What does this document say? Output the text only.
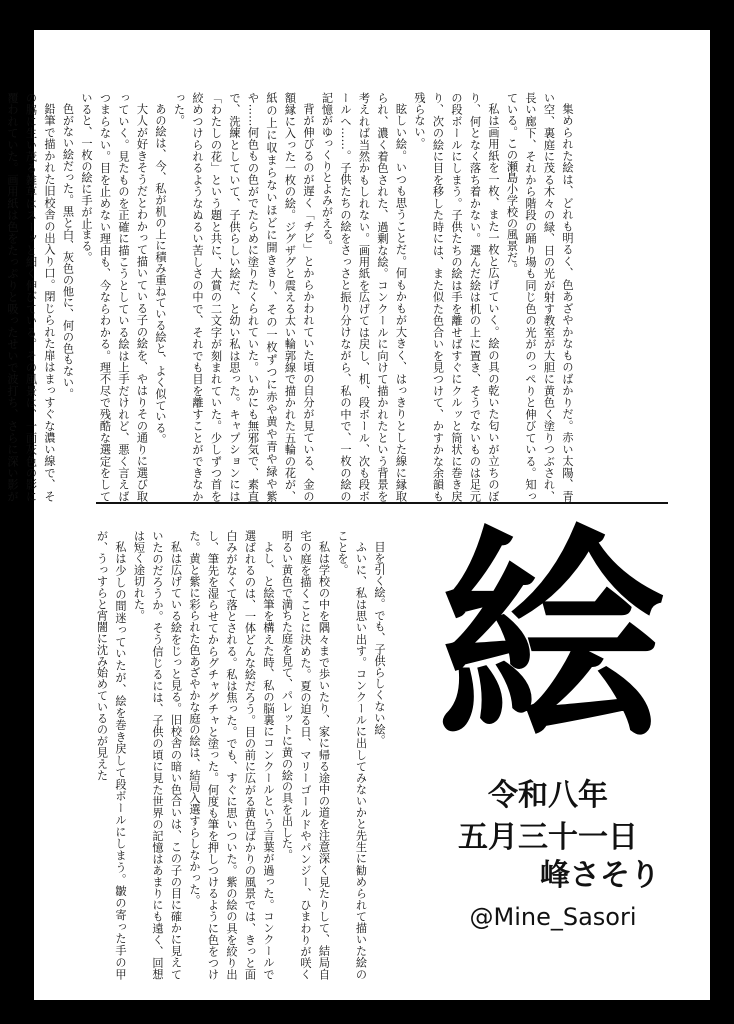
集められた絵は、どれも明るく、色あざやかなものばかりだ。赤い太陽、青い空、裏庭に茂る木々の緑、日の光が射す教室が大胆に黄色く塗りつぶされ、長い廊下、それから階段の踊り場も同じ色の光がのっぺりと伸びている。知っている。この瀬島小学校の風景だ。

私は画用紙を一枚、また一枚と広げていく。絵の具の乾いた匂いが立ちのぼり、何となく落ち着かない。選んだ絵は机の上に置き、そうでないものは足元の段ボールにしまう。子供たちの絵は手を離せばすぐにクルッと筒状に巻き戻り、次の絵に目を移した時には、また似た色合いを見つけて、かすかな余韻も残らない。

眩しい絵。いつも思うことだ。何もかもが大きく、はっきりとした線に縁取られ、濃く着色された、過剰な絵。コンクールに向けて描かれたという背景を考えれば当然かもしれない。画用紙を広げては戻し、机、段ボール、次も段ボールへ……。子供たちの絵をさっさと振り分けながら、私の中で、一枚の絵の記憶がゆっくりとよみがえる。

背が伸びるのが遅く「チビ」とからかわれていた頃の自分が見ている、金の額縁に入った一枚の絵。ジグザグと震える太い輪郭線で描かれた五輪の花が、紙の上に収まらないほどに開ききり、その一枚ずつに赤や黄や青や緑や紫や……何色もの色がでたらめに塗りたくられていた。いかにも無邪気で、素直で、洗練としていて、子供らしい絵だ、と幼い私は思った。キャプションには「わたしの花」という題と共に、大賞の二文字が刻まれていた。少しずつ首を絞めつけられるようなぬるい苦しさの中で、それでも目を離すことができなかった。

あの絵は、今、私が机の上に積み重ねている絵と、よく似ている。

大人が好きそうだとわかって描いている子の絵を、やはりその通りに選び取っていく。見たものを正確に描こうとしている絵は上手だけれど、悪く言えばつまらない。目を止めない理由も、今ならわかる。理不尽で残酷な選定をしていると、一枚の絵に手が止まる。

色がない絵だった。黒と白、灰色の他に、何の色もない。

鉛筆で描かれた旧校舎の出入り口。閉じられた扉はまっすぐな濃い線で、その脇に生い茂る雑草はスーッと細く伸びている。その風景は、一面灰色の影に覆われていた。画用紙は色をたっぷりと吸ったせいで波打ち、さらに深い影が

目を引く絵。でも、子供らしくない絵。

ふいに、私は思い出す。コンクールに出してみないかと先生に勧められて描いた絵のことを。

私は学校の中を隅々まで歩いたり、家に帰る途中の道を注意深く見たりして、結局自宅の庭を描くことに決めた。夏の迫る日、マリーゴールドやパンジー、ひまわりが咲く明るい黄色で満ちた庭を見て、パレットに黄の絵の具を出した。

よし、と絵筆を構えた時、私の脳裏にコンクールという言葉が過った。コンクールで選ばれるのは、一体どんな絵だろう。目の前に広がる黄色ばかりの風景では、きっと面白みがなくて落とされる。私は焦った。でも、すぐに思いついた。紫の絵の具を絞り出し、筆先を湿らせてからグチャグチャと塗った。何度も筆を押しつけるように色をつけた。黄と紫に彩られた色あざやかな庭の絵は、結局入選すらしなかった。

私は広げている絵をじっと見る。旧校舎の暗い色合いは、この子の目に確かに見えていたのだろうか。そう信じるには、子供の頃に見た世界の記憶はあまりにも遠く、回想は短く途切れた。

私は少しの間迷っていたが、絵を巻き戻して段ボールにしまう。皺の寄った手の甲が、うっすらと宵闇に沈み始めているのが見えた 絵
令和八年
五月三十一日
峰さそり
@Mine_Sasori
